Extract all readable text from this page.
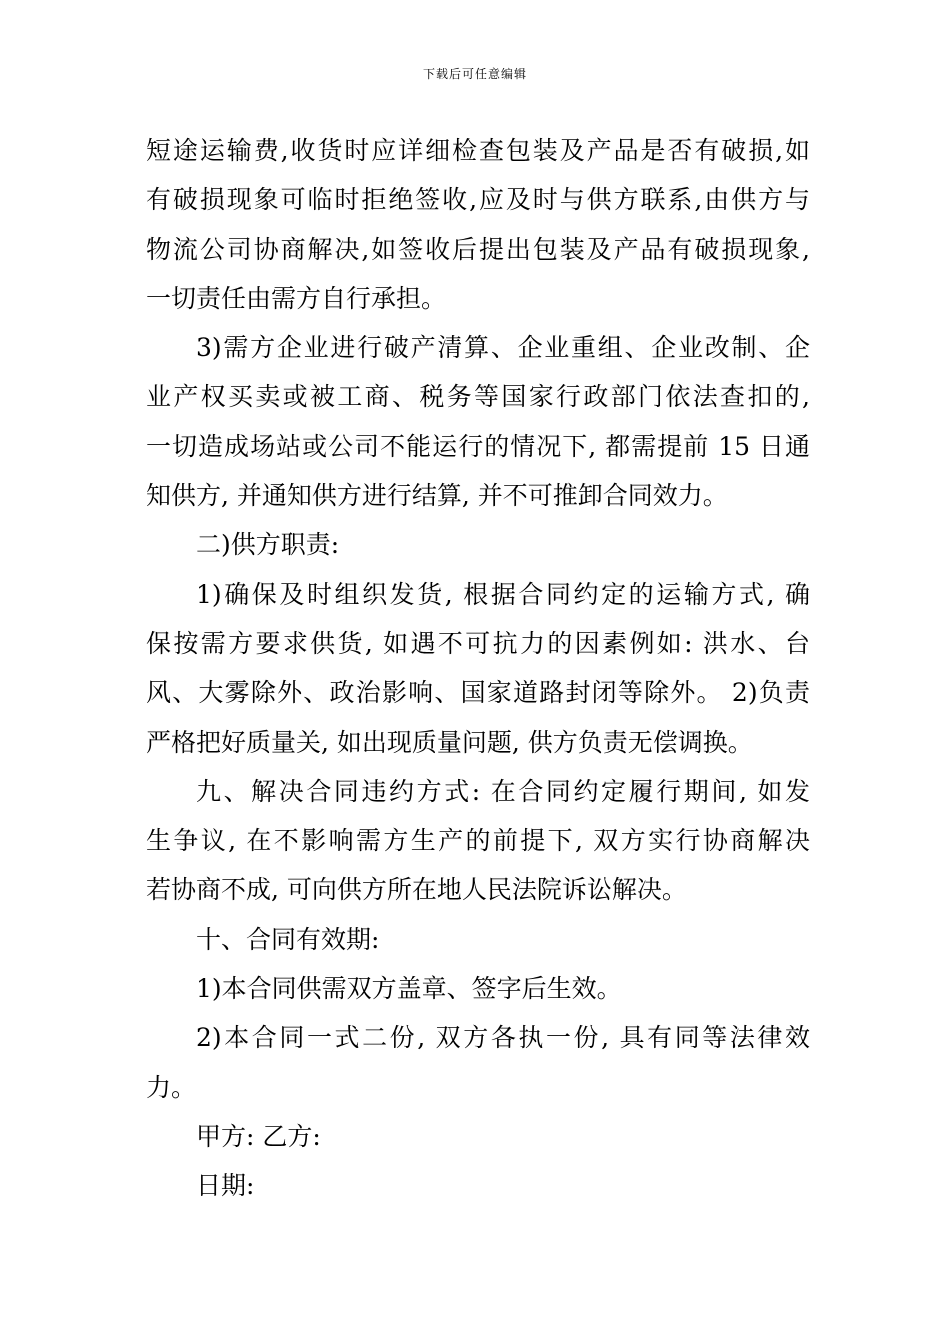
下载后可任意编辑
短途运输费,收货时应详细检查包装及产品是否有破损,如
有破损现象可临时拒绝签收,应及时与供方联系,由供方与
物流公司协商解决,如签收后提出包装及产品有破损现象,
一切责任由需方自行承担。
3)需方企业进行破产清算、企业重组、企业改制、企
业产权买卖或被工商、税务等国家行政部门依法查扣的,
一切造成场站或公司不能运行的情况下, 都需提前 15 日通
知供方, 并通知供方进行结算, 并不可推卸合同效力。
二)供方职责:
1)确保及时组织发货, 根据合同约定的运输方式, 确
保按需方要求供货, 如遇不可抗力的因素例如: 洪水、台
风、大雾除外、政治影响、国家道路封闭等除外。 2)负责
严格把好质量关, 如出现质量问题, 供方负责无偿调换。
九、解决合同违约方式: 在合同约定履行期间, 如发
生争议, 在不影响需方生产的前提下, 双方实行协商解决
若协商不成, 可向供方所在地人民法院诉讼解决。
十、合同有效期:
1)本合同供需双方盖章、签字后生效。
2)本合同一式二份, 双方各执一份, 具有同等法律效
力。
甲方: 乙方:
日期:
